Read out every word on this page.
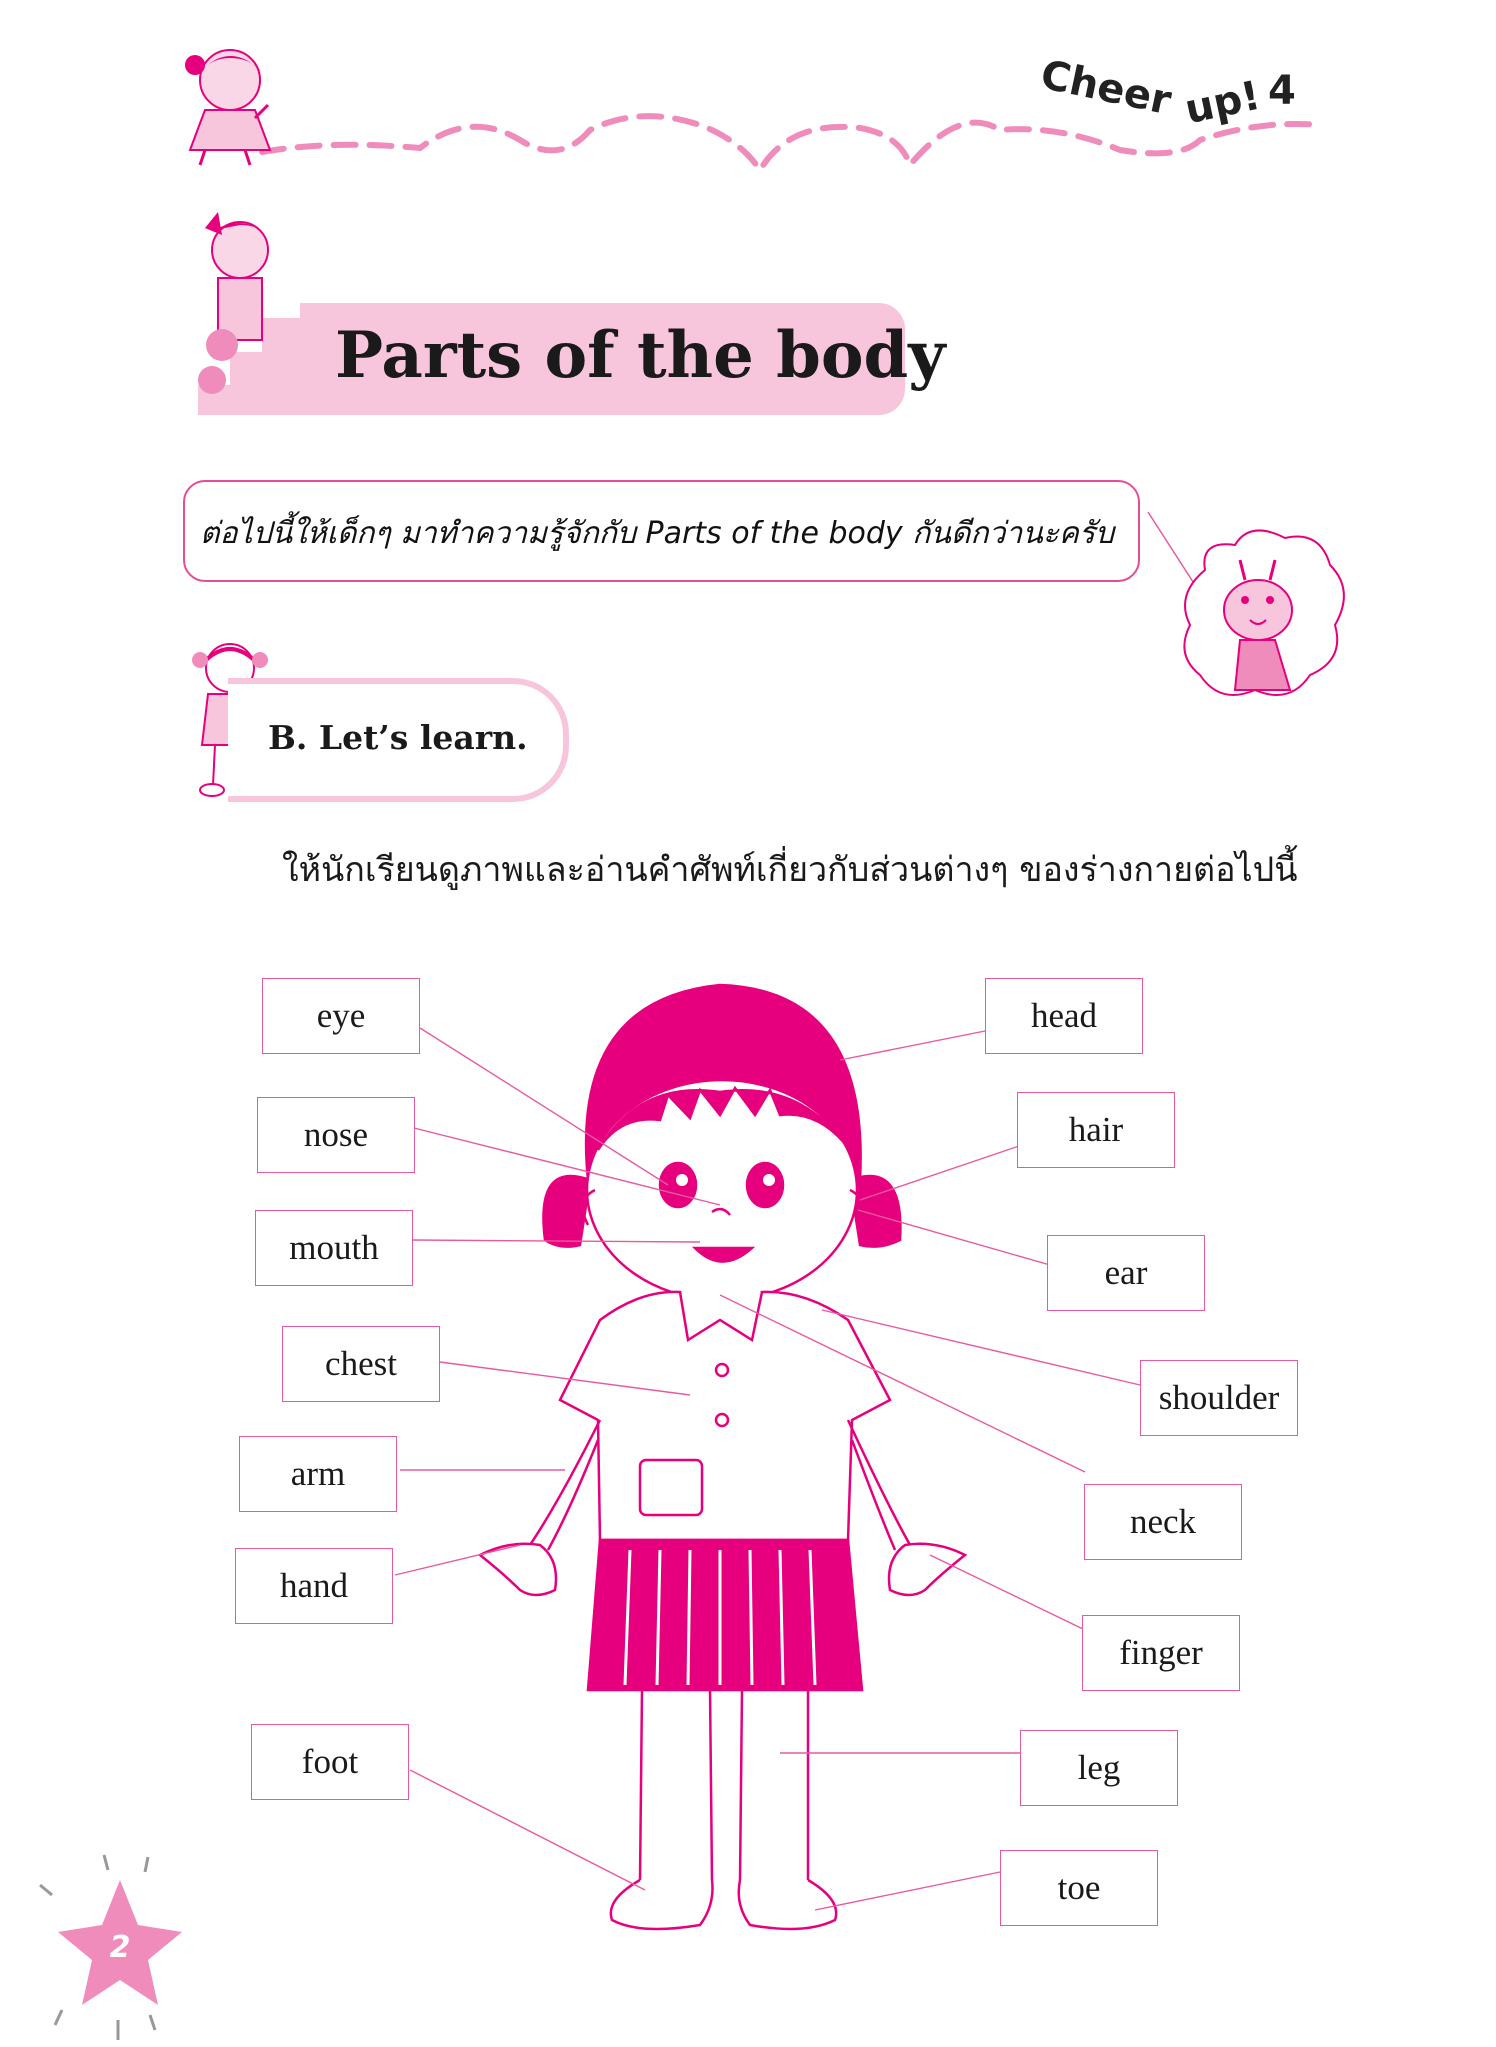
Cheer up! 4
Parts of the body
ต่อไปนี้ให้เด็กๆ มาทำความรู้จักกับ Parts of the body กันดีกว่านะครับ
B. Let’s learn.
ให้นักเรียนดูภาพและอ่านคำศัพท์เกี่ยวกับส่วนต่างๆ ของร่างกายต่อไปนี้
eye
nose
mouth
chest
arm
hand
foot
head
hair
ear
shoulder
neck
finger
leg
toe
2
